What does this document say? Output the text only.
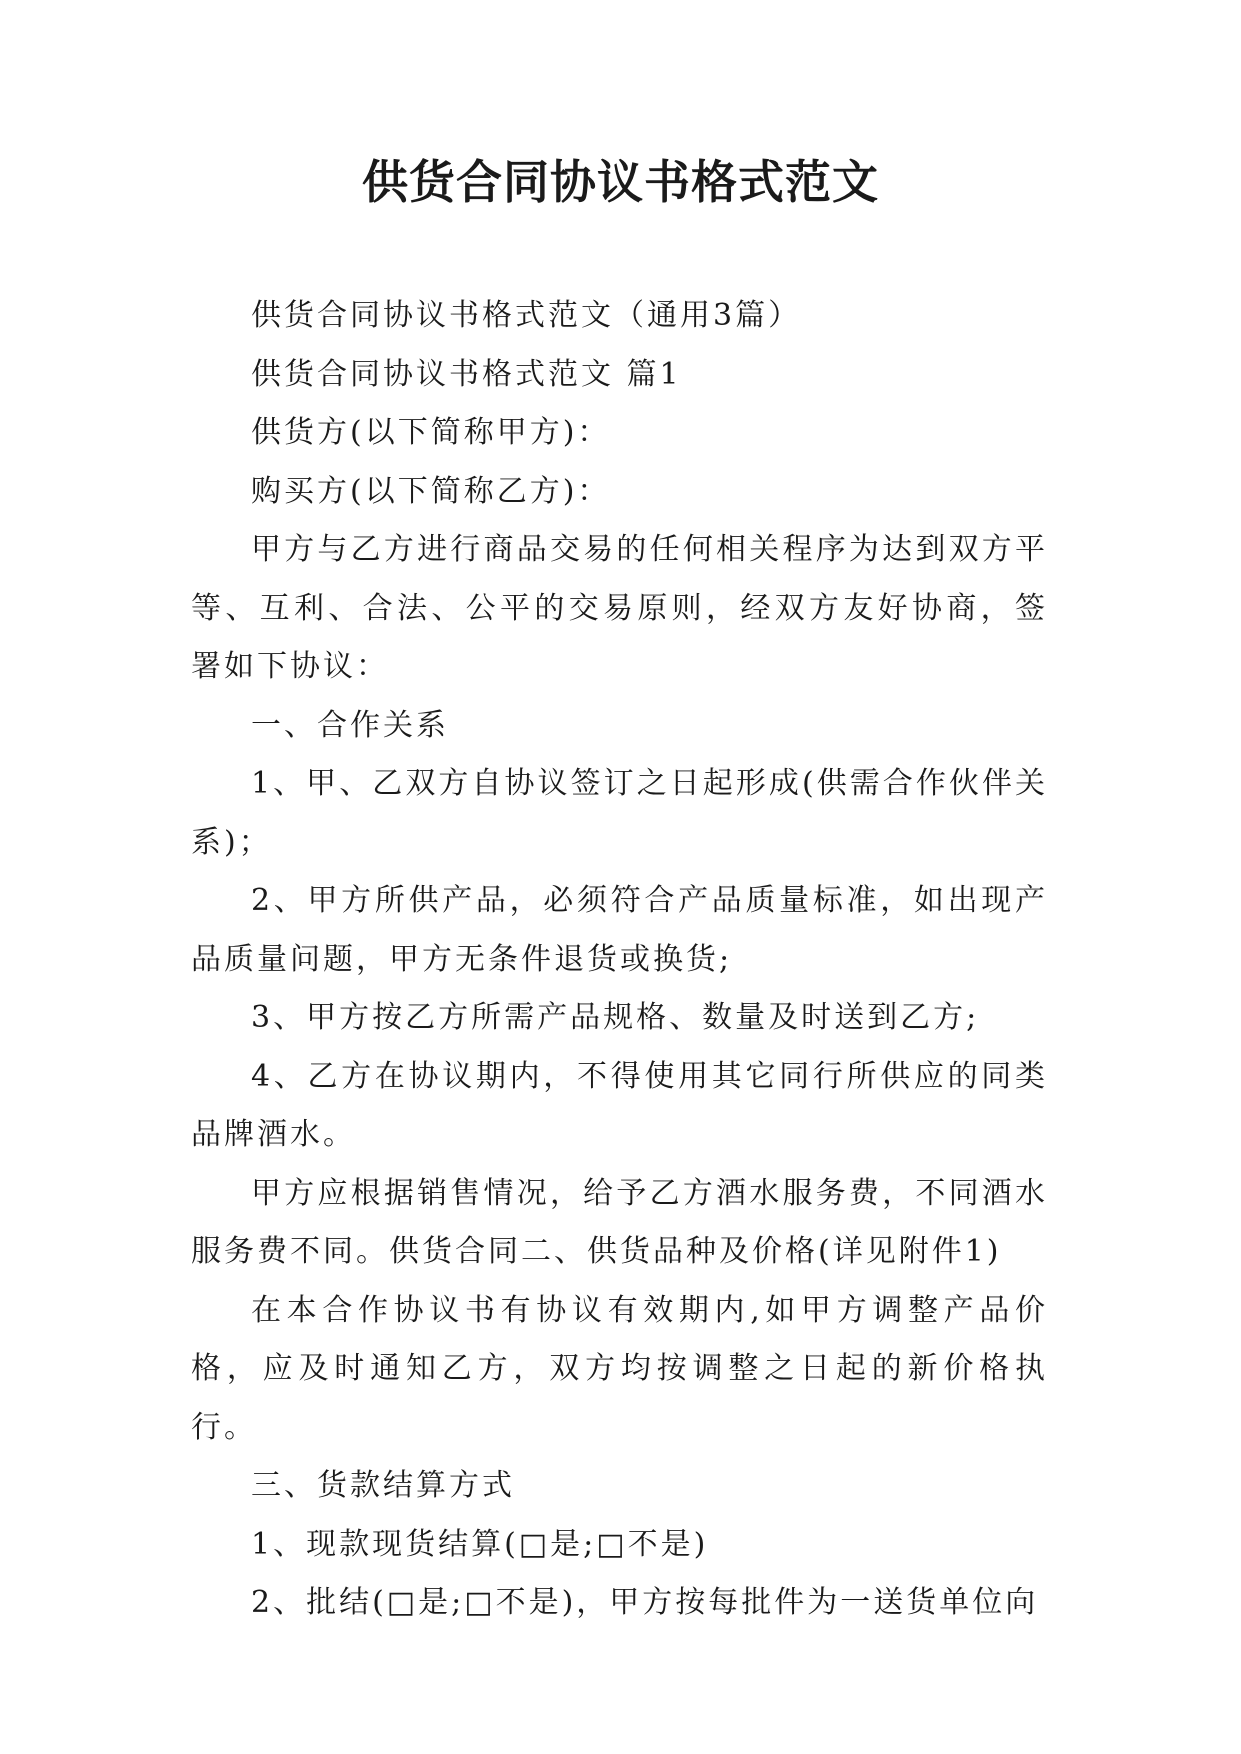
供货合同协议书格式范文

供货合同协议书格式范文（通用3篇）

供货合同协议书格式范文 篇1

供货方(以下简称甲方)：

购买方(以下简称乙方)：

甲方与乙方进行商品交易的任何相关程序为达到双方平等、互利、合法、公平的交易原则，经双方友好协商，签署如下协议：

一、合作关系

1、甲、乙双方自协议签订之日起形成(供需合作伙伴关系)；

2、甲方所供产品，必须符合产品质量标准，如出现产品质量问题，甲方无条件退货或换货;

3、甲方按乙方所需产品规格、数量及时送到乙方;

4、乙方在协议期内，不得使用其它同行所供应的同类品牌酒水。

甲方应根据销售情况，给予乙方酒水服务费，不同酒水服务费不同。供货合同二、供货品种及价格(详见附件1)

在本合作协议书有协议有效期内,如甲方调整产品价格，应及时通知乙方，双方均按调整之日起的新价格执行。

三、货款结算方式

1、现款现货结算(□是;□不是)

2、批结(□是;□不是)，甲方按每批件为一送货单位向
